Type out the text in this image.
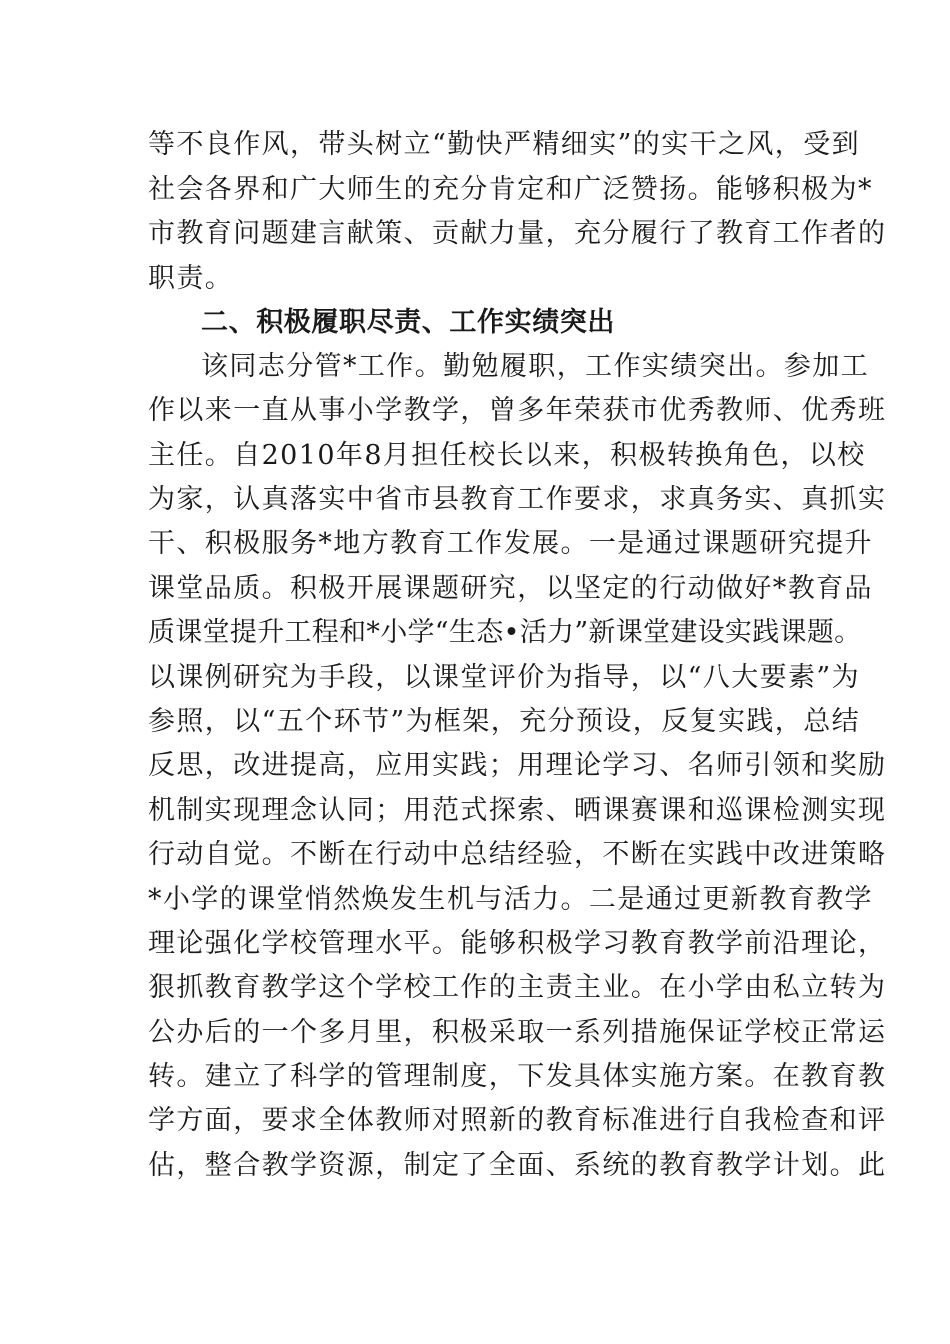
等不良作风，带头树立“勤快严精细实”的实干之风，受到
社会各界和广大师生的充分肯定和广泛赞扬。能够积极为*
市教育问题建言献策、贡献力量，充分履行了教育工作者的
职责。
二、积极履职尽责、工作实绩突出
该同志分管*工作。勤勉履职，工作实绩突出。参加工
作以来一直从事小学教学，曾多年荣获市优秀教师、优秀班
主任。自2010年8月担任校长以来，积极转换角色，以校
为家，认真落实中省市县教育工作要求，求真务实、真抓实
干、积极服务*地方教育工作发展。一是通过课题研究提升
课堂品质。积极开展课题研究，以坚定的行动做好*教育品
质课堂提升工程和*小学“生态•活力”新课堂建设实践课题。
以课例研究为手段，以课堂评价为指导，以“八大要素”为
参照，以“五个环节”为框架，充分预设，反复实践，总结
反思，改进提高，应用实践；用理论学习、名师引领和奖励
机制实现理念认同；用范式探索、晒课赛课和巡课检测实现
行动自觉。不断在行动中总结经验，不断在实践中改进策略
*小学的课堂悄然焕发生机与活力。二是通过更新教育教学
理论强化学校管理水平。能够积极学习教育教学前沿理论，
狠抓教育教学这个学校工作的主责主业。在小学由私立转为
公办后的一个多月里，积极采取一系列措施保证学校正常运
转。建立了科学的管理制度，下发具体实施方案。在教育教
学方面，要求全体教师对照新的教育标准进行自我检查和评
估，整合教学资源，制定了全面、系统的教育教学计划。此
